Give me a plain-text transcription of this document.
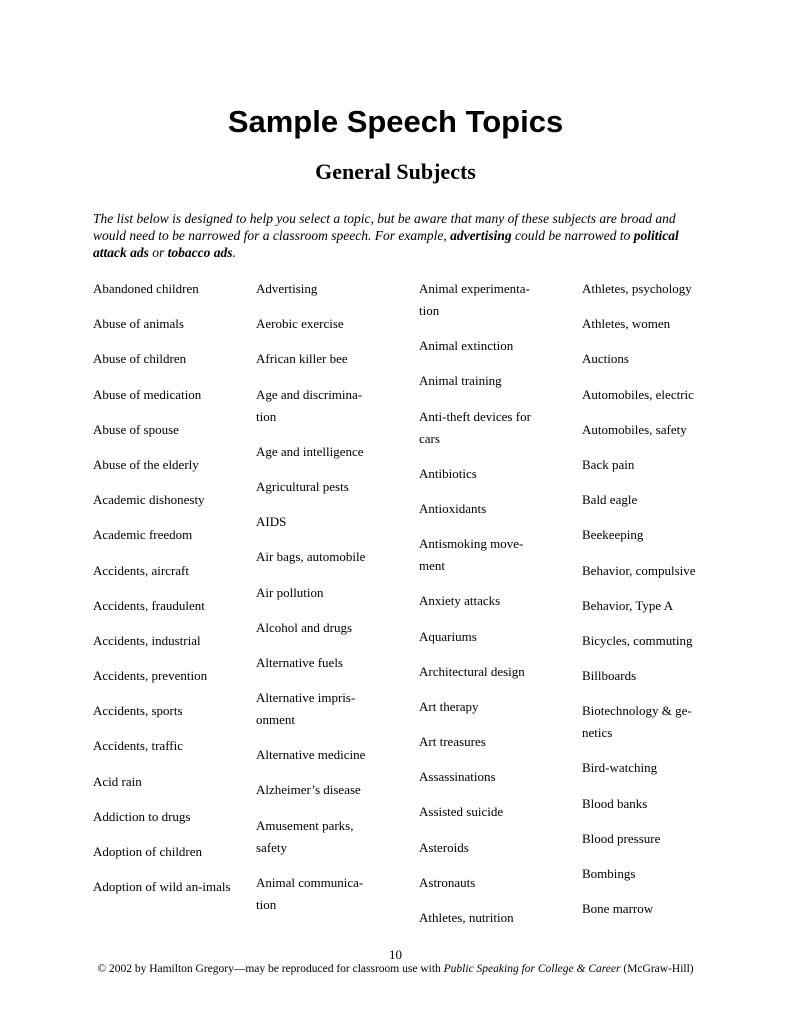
Sample Speech Topics
General Subjects

The list below is designed to help you select a topic, but be aware that many of these subjects are broad and would need to be narrowed for a classroom speech. For example, advertising could be narrowed to political attack ads or tobacco ads.

Abandoned children
Abuse of animals
Abuse of children
Abuse of medication
Abuse of spouse
Abuse of the elderly
Academic dishonesty
Academic freedom
Accidents, aircraft
Accidents, fraudulent
Accidents, industrial
Accidents, prevention
Accidents, sports
Accidents, traffic
Acid rain
Addiction to drugs
Adoption of children
Adoption of wild an-imals
Advertising
Aerobic exercise
African killer bee
Age and discrimina-tion
Age and intelligence
Agricultural pests
AIDS
Air bags, automobile
Air pollution
Alcohol and drugs
Alternative fuels
Alternative impris-onment
Alternative medicine
Alzheimer’s disease
Amusement parks, safety
Animal communica-tion
Animal experimenta-tion
Animal extinction
Animal training
Anti-theft devices for cars
Antibiotics
Antioxidants
Antismoking move-ment
Anxiety attacks
Aquariums
Architectural design
Art therapy
Art treasures
Assassinations
Assisted suicide
Asteroids
Astronauts
Athletes, nutrition
Athletes, psychology
Athletes, women
Auctions
Automobiles, electric
Automobiles, safety
Back pain
Bald eagle
Beekeeping
Behavior, compulsive
Behavior, Type A
Bicycles, commuting
Billboards
Biotechnology & ge-netics
Bird-watching
Blood banks
Blood pressure
Bombings
Bone marrow
10
© 2002 by Hamilton Gregory—may be reproduced for classroom use with Public Speaking for College & Career (McGraw-Hill)
